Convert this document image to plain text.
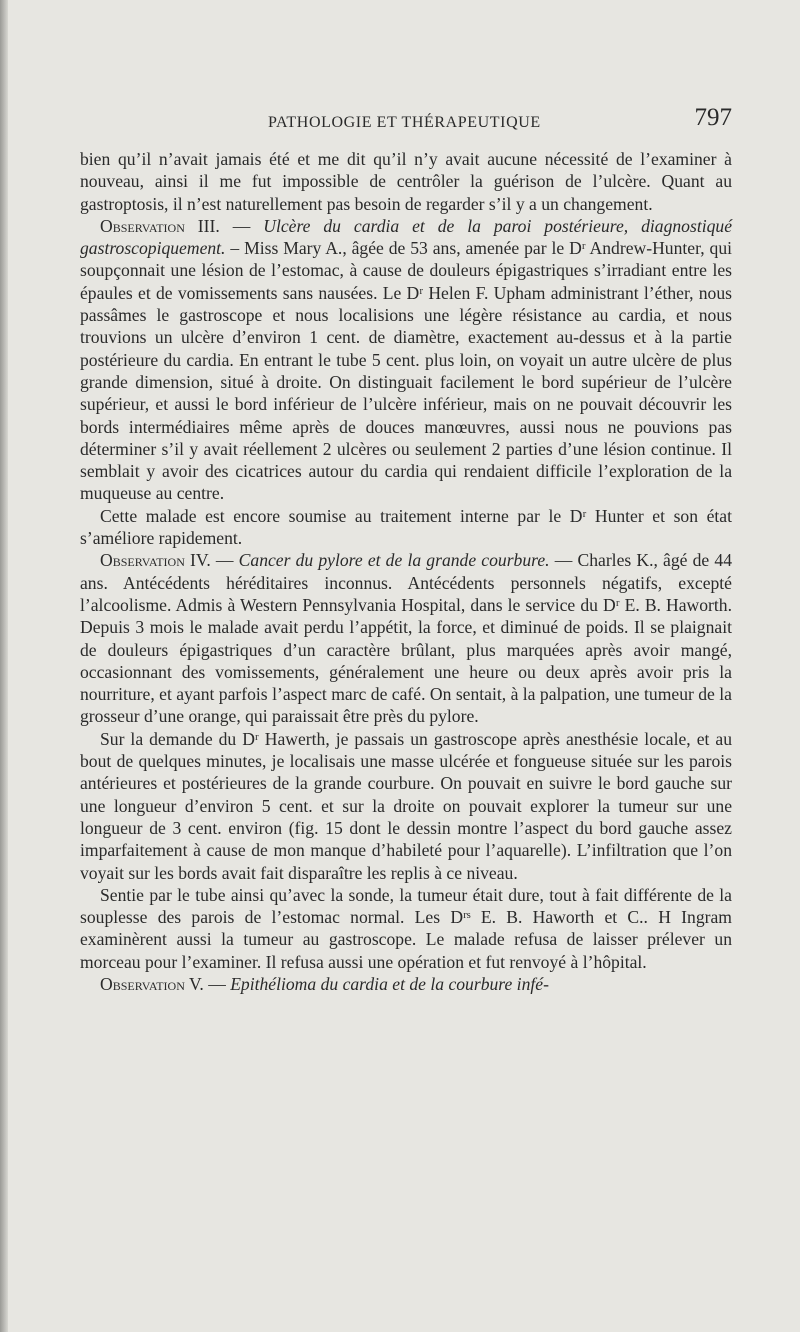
PATHOLOGIE ET THÉRAPEUTIQUE	797

bien qu’il n’avait jamais été et me dit qu’il n’y avait aucune nécessité de l’examiner à nouveau, ainsi il me fut impossible de centrôler la guérison de l’ulcère. Quant au gastroptosis, il n’est naturellement pas besoin de regarder s’il y a un changement.

Observation III. — Ulcère du cardia et de la paroi postérieure, diagnostiqué gastroscopiquement. – Miss Mary A., âgée de 53 ans, amenée par le Dʳ Andrew-Hunter, qui soupçonnait une lésion de l’estomac, à cause de douleurs épigastriques s’irradiant entre les épaules et de vomissements sans nausées. Le Dʳ Helen F. Upham administrant l’éther, nous passâmes le gastroscope et nous localisions une légère résistance au cardia, et nous trouvions un ulcère d’environ 1 cent. de diamètre, exactement au-dessus et à la partie postérieure du cardia. En entrant le tube 5 cent. plus loin, on voyait un autre ulcère de plus grande dimension, situé à droite. On distinguait facilement le bord supérieur de l’ulcère supérieur, et aussi le bord inférieur de l’ulcère inférieur, mais on ne pouvait découvrir les bords intermédiaires même après de douces manœuvres, aussi nous ne pouvions pas déterminer s’il y avait réellement 2 ulcères ou seulement 2 parties d’une lésion continue. Il semblait y avoir des cicatrices autour du cardia qui rendaient difficile l’exploration de la muqueuse au centre.

Cette malade est encore soumise au traitement interne par le Dʳ Hunter et son état s’améliore rapidement.

Observation IV. — Cancer du pylore et de la grande courbure. — Charles K., âgé de 44 ans. Antécédents héréditaires inconnus. Antécédents personnels négatifs, excepté l’alcoolisme. Admis à Western Pennsylvania Hospital, dans le service du Dʳ E. B. Haworth. Depuis 3 mois le malade avait perdu l’appétit, la force, et diminué de poids. Il se plaignait de douleurs épigastriques d’un caractère brûlant, plus marquées après avoir mangé, occasionnant des vomissements, généralement une heure ou deux après avoir pris la nourriture, et ayant parfois l’aspect marc de café. On sentait, à la palpation, une tumeur de la grosseur d’une orange, qui paraissait être près du pylore.

Sur la demande du Dʳ Hawerth, je passais un gastroscope après anesthésie locale, et au bout de quelques minutes, je localisais une masse ulcérée et fongueuse située sur les parois antérieures et postérieures de la grande courbure. On pouvait en suivre le bord gauche sur une longueur d’environ 5 cent. et sur la droite on pouvait explorer la tumeur sur une longueur de 3 cent. environ (fig. 15 dont le dessin montre l’aspect du bord gauche assez imparfaitement à cause de mon manque d’habileté pour l’aquarelle). L’infiltration que l’on voyait sur les bords avait fait disparaître les replis à ce niveau.

Sentie par le tube ainsi qu’avec la sonde, la tumeur était dure, tout à fait différente de la souplesse des parois de l’estomac normal. Les Dʳˢ E. B. Haworth et C.. H Ingram examinèrent aussi la tumeur au gastroscope. Le malade refusa de laisser prélever un morceau pour l’examiner. Il refusa aussi une opération et fut renvoyé à l’hôpital.

Observation V. — Epithélioma du cardia et de la courbure infé-
